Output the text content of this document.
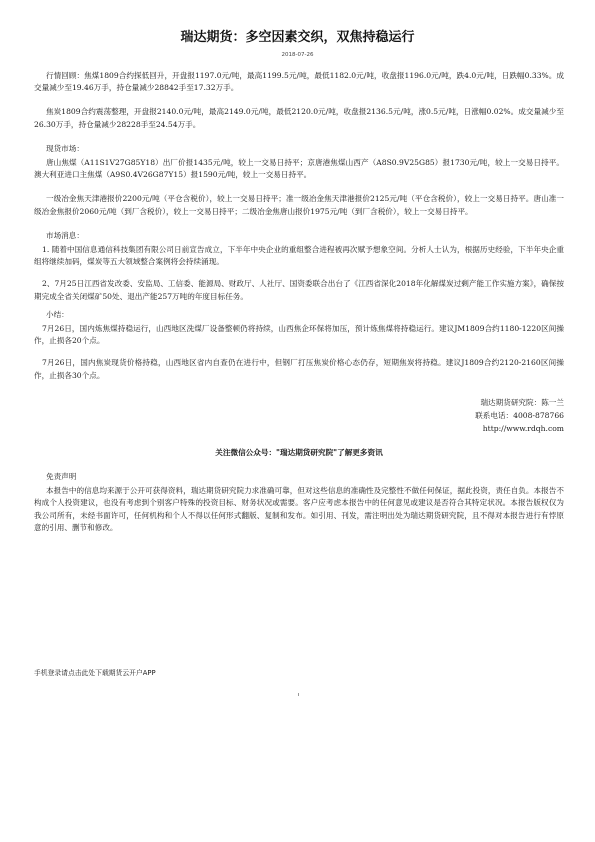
瑞达期货：多空因素交织，双焦持稳运行
2018-07-26

行情回顾：焦煤1809合约探低回升，开盘报1197.0元/吨，最高1199.5元/吨，最低1182.0元/吨，收盘报1196.0元/吨，跌4.0元/吨，日跌幅0.33%。成交量减少至19.46万手，持仓量减少28842手至17.32万手。

焦炭1809合约震荡整理，开盘报2140.0元/吨，最高2149.0元/吨，最低2120.0元/吨，收盘报2136.5元/吨，涨0.5元/吨，日涨幅0.02%。成交量减少至26.30万手，持仓量减少28228手至24.54万手。

现货市场：

唐山焦煤（A11S1V27G85Y18）出厂价报1435元/吨，较上一交易日持平；京唐港焦煤山西产（A8S0.9V25G85）报1730元/吨，较上一交易日持平。澳大利亚进口主焦煤（A9S0.4V26G87Y15）报1590元/吨，较上一交易日持平。

一级冶金焦天津港报价2200元/吨（平仓含税价），较上一交易日持平；准一级冶金焦天津港报价2125元/吨（平仓含税价），较上一交易日持平。唐山准一级冶金焦报价2060元/吨（到厂含税价），较上一交易日持平；二级冶金焦唐山报价1975元/吨（到厂含税价），较上一交易日持平。

市场消息：

1. 随着中国信息通信科技集团有限公司日前宣告成立，下半年中央企业的重组整合进程被再次赋予想象空间。分析人士认为，根据历史经验，下半年央企重组将继续加码，煤炭等五大领域整合案例将会持续涌现。

2、7月25日江西省发改委、安监局、工信委、能源局、财政厅、人社厅、国资委联合出台了《江西省深化2018年化解煤炭过剩产能工作实施方案》，确保按期完成全省关闭煤矿50处、退出产能257万吨的年度目标任务。

小结：

7月26日，国内炼焦煤持稳运行，山西地区洗煤厂设备整顿仍将持续，山西焦企环保将加压，预计炼焦煤将持稳运行。建议JM1809合约1180-1220区间操作，止损各20个点。

7月26日，国内焦炭现货价格持稳，山西地区省内自查仍在进行中，但钢厂打压焦炭价格心态仍存，短期焦炭将持稳。建议J1809合约2120-2160区间操作，止损各30个点。

瑞达期货研究院：陈一兰
联系电话：4008-878766
http://www.rdqh.com
关注微信公众号："瑞达期货研究院"了解更多资讯

免责声明

本报告中的信息均来源于公开可获得资料，瑞达期货研究院力求准确可靠，但对这些信息的准确性及完整性不做任何保证，据此投资，责任自负。本报告不构成个人投资建议，也没有考虑到个别客户特殊的投资目标、财务状况或需要。客户应考虑本报告中的任何意见或建议是否符合其特定状况。本报告版权仅为我公司所有，未经书面许可，任何机构和个人不得以任何形式翻版、复制和发布。如引用、刊发，需注明出处为瑞达期货研究院，且不得对本报告进行有悖原意的引用、删节和修改。

手机登录请点击此处下载期货云开户APP
